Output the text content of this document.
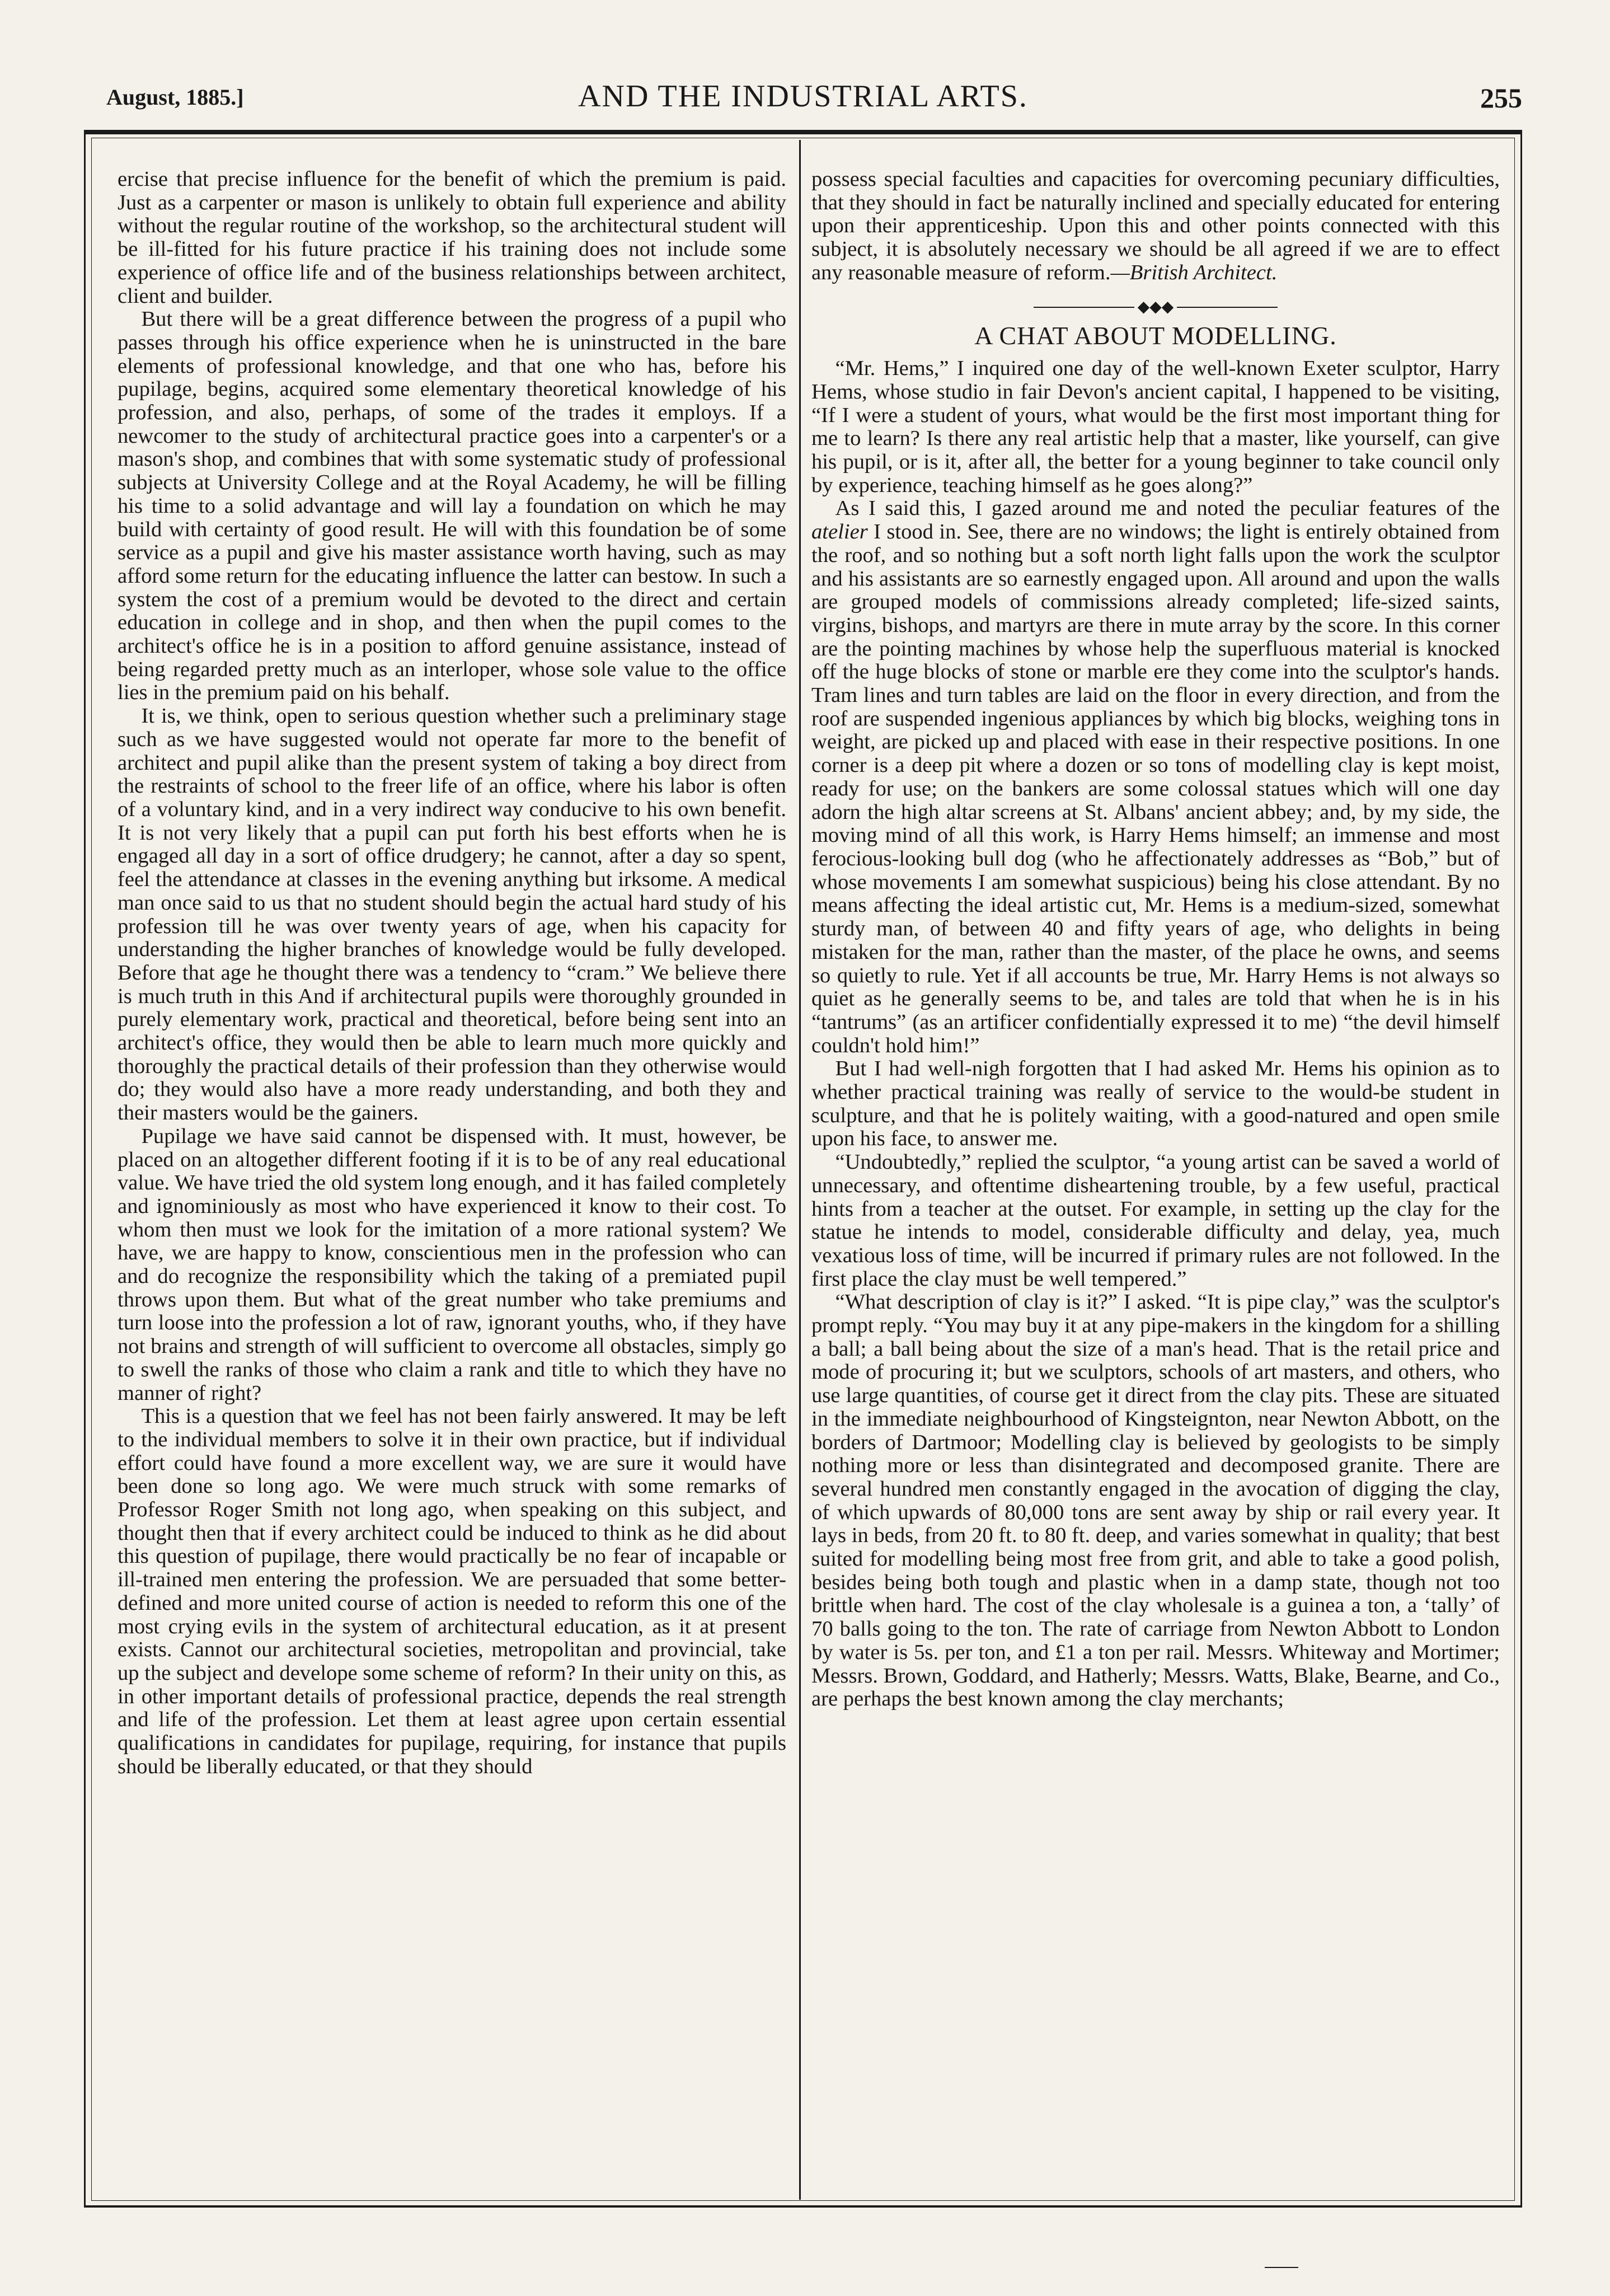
August, 1885.]	AND THE INDUSTRIAL ARTS.	255

ercise that precise influence for the benefit of which the premium is paid. Just as a carpenter or mason is unlikely to obtain full experience and ability without the regular routine of the workshop, so the architectural student will be ill-fitted for his future practice if his training does not include some experience of office life and of the business relationships between architect, client and builder.

But there will be a great difference between the progress of a pupil who passes through his office experience when he is uninstructed in the bare elements of professional knowledge, and that one who has, before his pupilage, begins, acquired some elementary theoretical knowledge of his profession, and also, perhaps, of some of the trades it employs. If a newcomer to the study of architectural practice goes into a carpenter's or a mason's shop, and combines that with some systematic study of professional subjects at University College and at the Royal Academy, he will be filling his time to a solid advantage and will lay a foundation on which he may build with certainty of good result. He will with this foundation be of some service as a pupil and give his master assistance worth having, such as may afford some return for the educating influence the latter can bestow. In such a system the cost of a premium would be devoted to the direct and certain education in college and in shop, and then when the pupil comes to the architect's office he is in a position to afford genuine assistance, instead of being regarded pretty much as an interloper, whose sole value to the office lies in the premium paid on his behalf.

It is, we think, open to serious question whether such a preliminary stage such as we have suggested would not operate far more to the benefit of architect and pupil alike than the present system of taking a boy direct from the restraints of school to the freer life of an office, where his labor is often of a voluntary kind, and in a very indirect way conducive to his own benefit. It is not very likely that a pupil can put forth his best efforts when he is engaged all day in a sort of office drudgery; he cannot, after a day so spent, feel the attendance at classes in the evening anything but irksome. A medical man once said to us that no student should begin the actual hard study of his profession till he was over twenty years of age, when his capacity for understanding the higher branches of knowledge would be fully developed. Before that age he thought there was a tendency to “cram.” We believe there is much truth in this And if architectural pupils were thoroughly grounded in purely elementary work, practical and theoretical, before being sent into an architect's office, they would then be able to learn much more quickly and thoroughly the practical details of their profession than they otherwise would do; they would also have a more ready understanding, and both they and their masters would be the gainers.

Pupilage we have said cannot be dispensed with. It must, however, be placed on an altogether different footing if it is to be of any real educational value. We have tried the old system long enough, and it has failed completely and ignominiously as most who have experienced it know to their cost. To whom then must we look for the imitation of a more rational system? We have, we are happy to know, conscientious men in the profession who can and do recognize the responsibility which the taking of a premiated pupil throws upon them. But what of the great number who take premiums and turn loose into the profession a lot of raw, ignorant youths, who, if they have not brains and strength of will sufficient to overcome all obstacles, simply go to swell the ranks of those who claim a rank and title to which they have no manner of right?

This is a question that we feel has not been fairly answered. It may be left to the individual members to solve it in their own practice, but if individual effort could have found a more excellent way, we are sure it would have been done so long ago. We were much struck with some remarks of Professor Roger Smith not long ago, when speaking on this subject, and thought then that if every architect could be induced to think as he did about this question of pupilage, there would practically be no fear of incapable or ill-trained men entering the profession. We are persuaded that some better-defined and more united course of action is needed to reform this one of the most crying evils in the system of architectural education, as it at present exists. Cannot our architectural societies, metropolitan and provincial, take up the subject and develope some scheme of reform? In their unity on this, as in other important details of professional practice, depends the real strength and life of the profession. Let them at least agree upon certain essential qualifications in candidates for pupilage, requiring, for instance that pupils should be liberally educated, or that they should

possess special faculties and capacities for overcoming pecuniary difficulties, that they should in fact be naturally inclined and specially educated for entering upon their apprenticeship. Upon this and other points connected with this subject, it is absolutely necessary we should be all agreed if we are to effect any reasonable measure of reform.—British Architect.

◆◆◆
A CHAT ABOUT MODELLING.

“Mr. Hems,” I inquired one day of the well-known Exeter sculptor, Harry Hems, whose studio in fair Devon's ancient capital, I happened to be visiting, “If I were a student of yours, what would be the first most important thing for me to learn? Is there any real artistic help that a master, like yourself, can give his pupil, or is it, after all, the better for a young beginner to take council only by experience, teaching himself as he goes along?”

As I said this, I gazed around me and noted the peculiar features of the atelier I stood in. See, there are no windows; the light is entirely obtained from the roof, and so nothing but a soft north light falls upon the work the sculptor and his assistants are so earnestly engaged upon. All around and upon the walls are grouped models of commissions already completed; life-sized saints, virgins, bishops, and martyrs are there in mute array by the score. In this corner are the pointing machines by whose help the superfluous material is knocked off the huge blocks of stone or marble ere they come into the sculptor's hands. Tram lines and turn tables are laid on the floor in every direction, and from the roof are suspended ingenious appliances by which big blocks, weighing tons in weight, are picked up and placed with ease in their respective positions. In one corner is a deep pit where a dozen or so tons of modelling clay is kept moist, ready for use; on the bankers are some colossal statues which will one day adorn the high altar screens at St. Albans' ancient abbey; and, by my side, the moving mind of all this work, is Harry Hems himself; an immense and most ferocious-looking bull dog (who he affectionately addresses as “Bob,” but of whose movements I am somewhat suspicious) being his close attendant. By no means affecting the ideal artistic cut, Mr. Hems is a medium-sized, somewhat sturdy man, of between 40 and fifty years of age, who delights in being mistaken for the man, rather than the master, of the place he owns, and seems so quietly to rule. Yet if all accounts be true, Mr. Harry Hems is not always so quiet as he generally seems to be, and tales are told that when he is in his “tantrums” (as an artificer confidentially expressed it to me) “the devil himself couldn't hold him!”

But I had well-nigh forgotten that I had asked Mr. Hems his opinion as to whether practical training was really of service to the would-be student in sculpture, and that he is politely waiting, with a good-natured and open smile upon his face, to answer me.

“Undoubtedly,” replied the sculptor, “a young artist can be saved a world of unnecessary, and oftentime disheartening trouble, by a few useful, practical hints from a teacher at the outset. For example, in setting up the clay for the statue he intends to model, considerable difficulty and delay, yea, much vexatious loss of time, will be incurred if primary rules are not followed. In the first place the clay must be well tempered.”

“What description of clay is it?” I asked. “It is pipe clay,” was the sculptor's prompt reply. “You may buy it at any pipe-makers in the kingdom for a shilling a ball; a ball being about the size of a man's head. That is the retail price and mode of procuring it; but we sculptors, schools of art masters, and others, who use large quantities, of course get it direct from the clay pits. These are situated in the immediate neighbourhood of Kingsteignton, near Newton Abbott, on the borders of Dartmoor; Modelling clay is believed by geologists to be simply nothing more or less than disintegrated and decomposed granite. There are several hundred men constantly engaged in the avocation of digging the clay, of which upwards of 80,000 tons are sent away by ship or rail every year. It lays in beds, from 20 ft. to 80 ft. deep, and varies somewhat in quality; that best suited for modelling being most free from grit, and able to take a good polish, besides being both tough and plastic when in a damp state, though not too brittle when hard. The cost of the clay wholesale is a guinea a ton, a ‘tally’ of 70 balls going to the ton. The rate of carriage from Newton Abbott to London by water is 5s. per ton, and £1 a ton per rail. Messrs. Whiteway and Mortimer; Messrs. Brown, Goddard, and Hatherly; Messrs. Watts, Blake, Bearne, and Co., are perhaps the best known among the clay merchants;
